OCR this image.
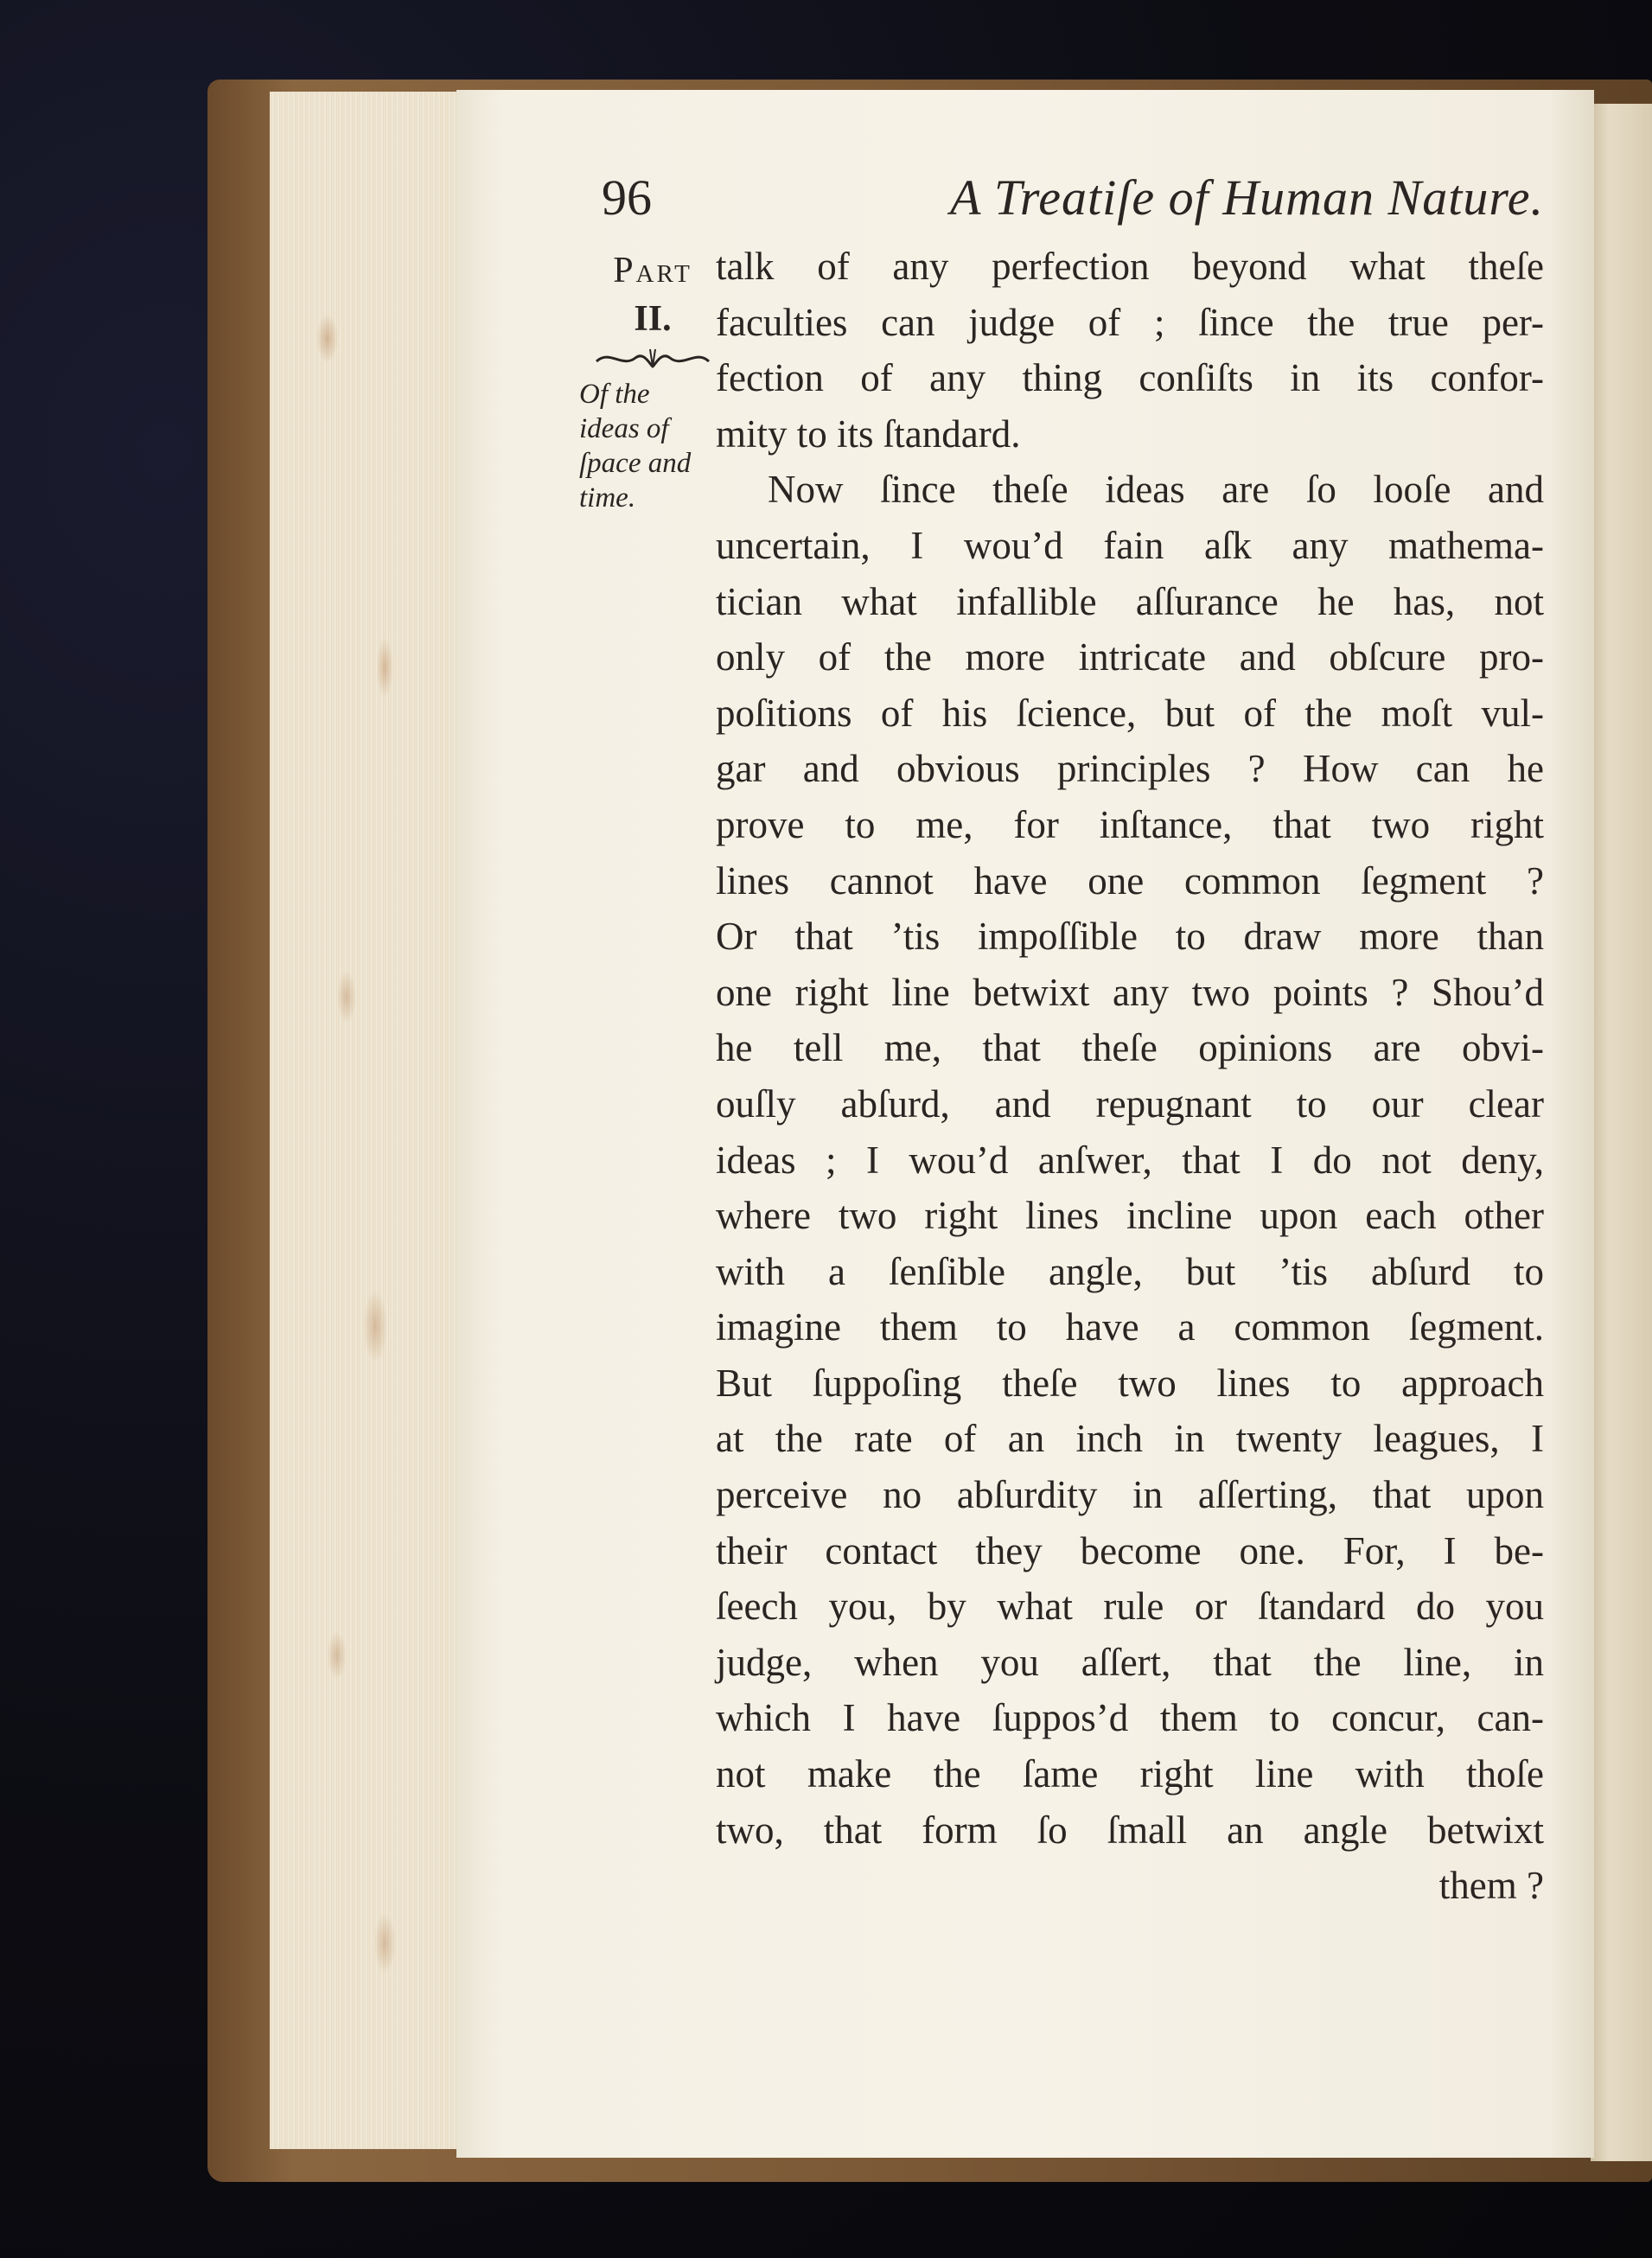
96	A Treatiſe of Human Nature.
Part
II.
Of the
ideas of
ſpace and
time.
talk of any perfection beyond what theſe
faculties can judge of ; ſince the true per-
fection of any thing conſiſts in its confor-
mity to its ſtandard.
Now ſince theſe ideas are ſo looſe and
uncertain, I wou’d fain aſk any mathema-
tician what infallible aſſurance he has, not
only of the more intricate and obſcure pro-
poſitions of his ſcience, but of the moſt vul-
gar and obvious principles ? How can he
prove to me, for inſtance, that two right
lines cannot have one common ſegment ?
Or that ’tis impoſſible to draw more than
one right line betwixt any two points ? Shou’d
he tell me, that theſe opinions are obvi-
ouſly abſurd, and repugnant to our clear
ideas ; I wou’d anſwer, that I do not deny,
where two right lines incline upon each other
with a ſenſible angle, but ’tis abſurd to
imagine them to have a common ſegment.
But ſuppoſing theſe two lines to approach
at the rate of an inch in twenty leagues, I
perceive no abſurdity in aſſerting, that upon
their contact they become one. For, I be-
ſeech you, by what rule or ſtandard do you
judge, when you aſſert, that the line, in
which I have ſuppos’d them to concur, can-
not make the ſame right line with thoſe
two, that form ſo ſmall an angle betwixt
them ?
